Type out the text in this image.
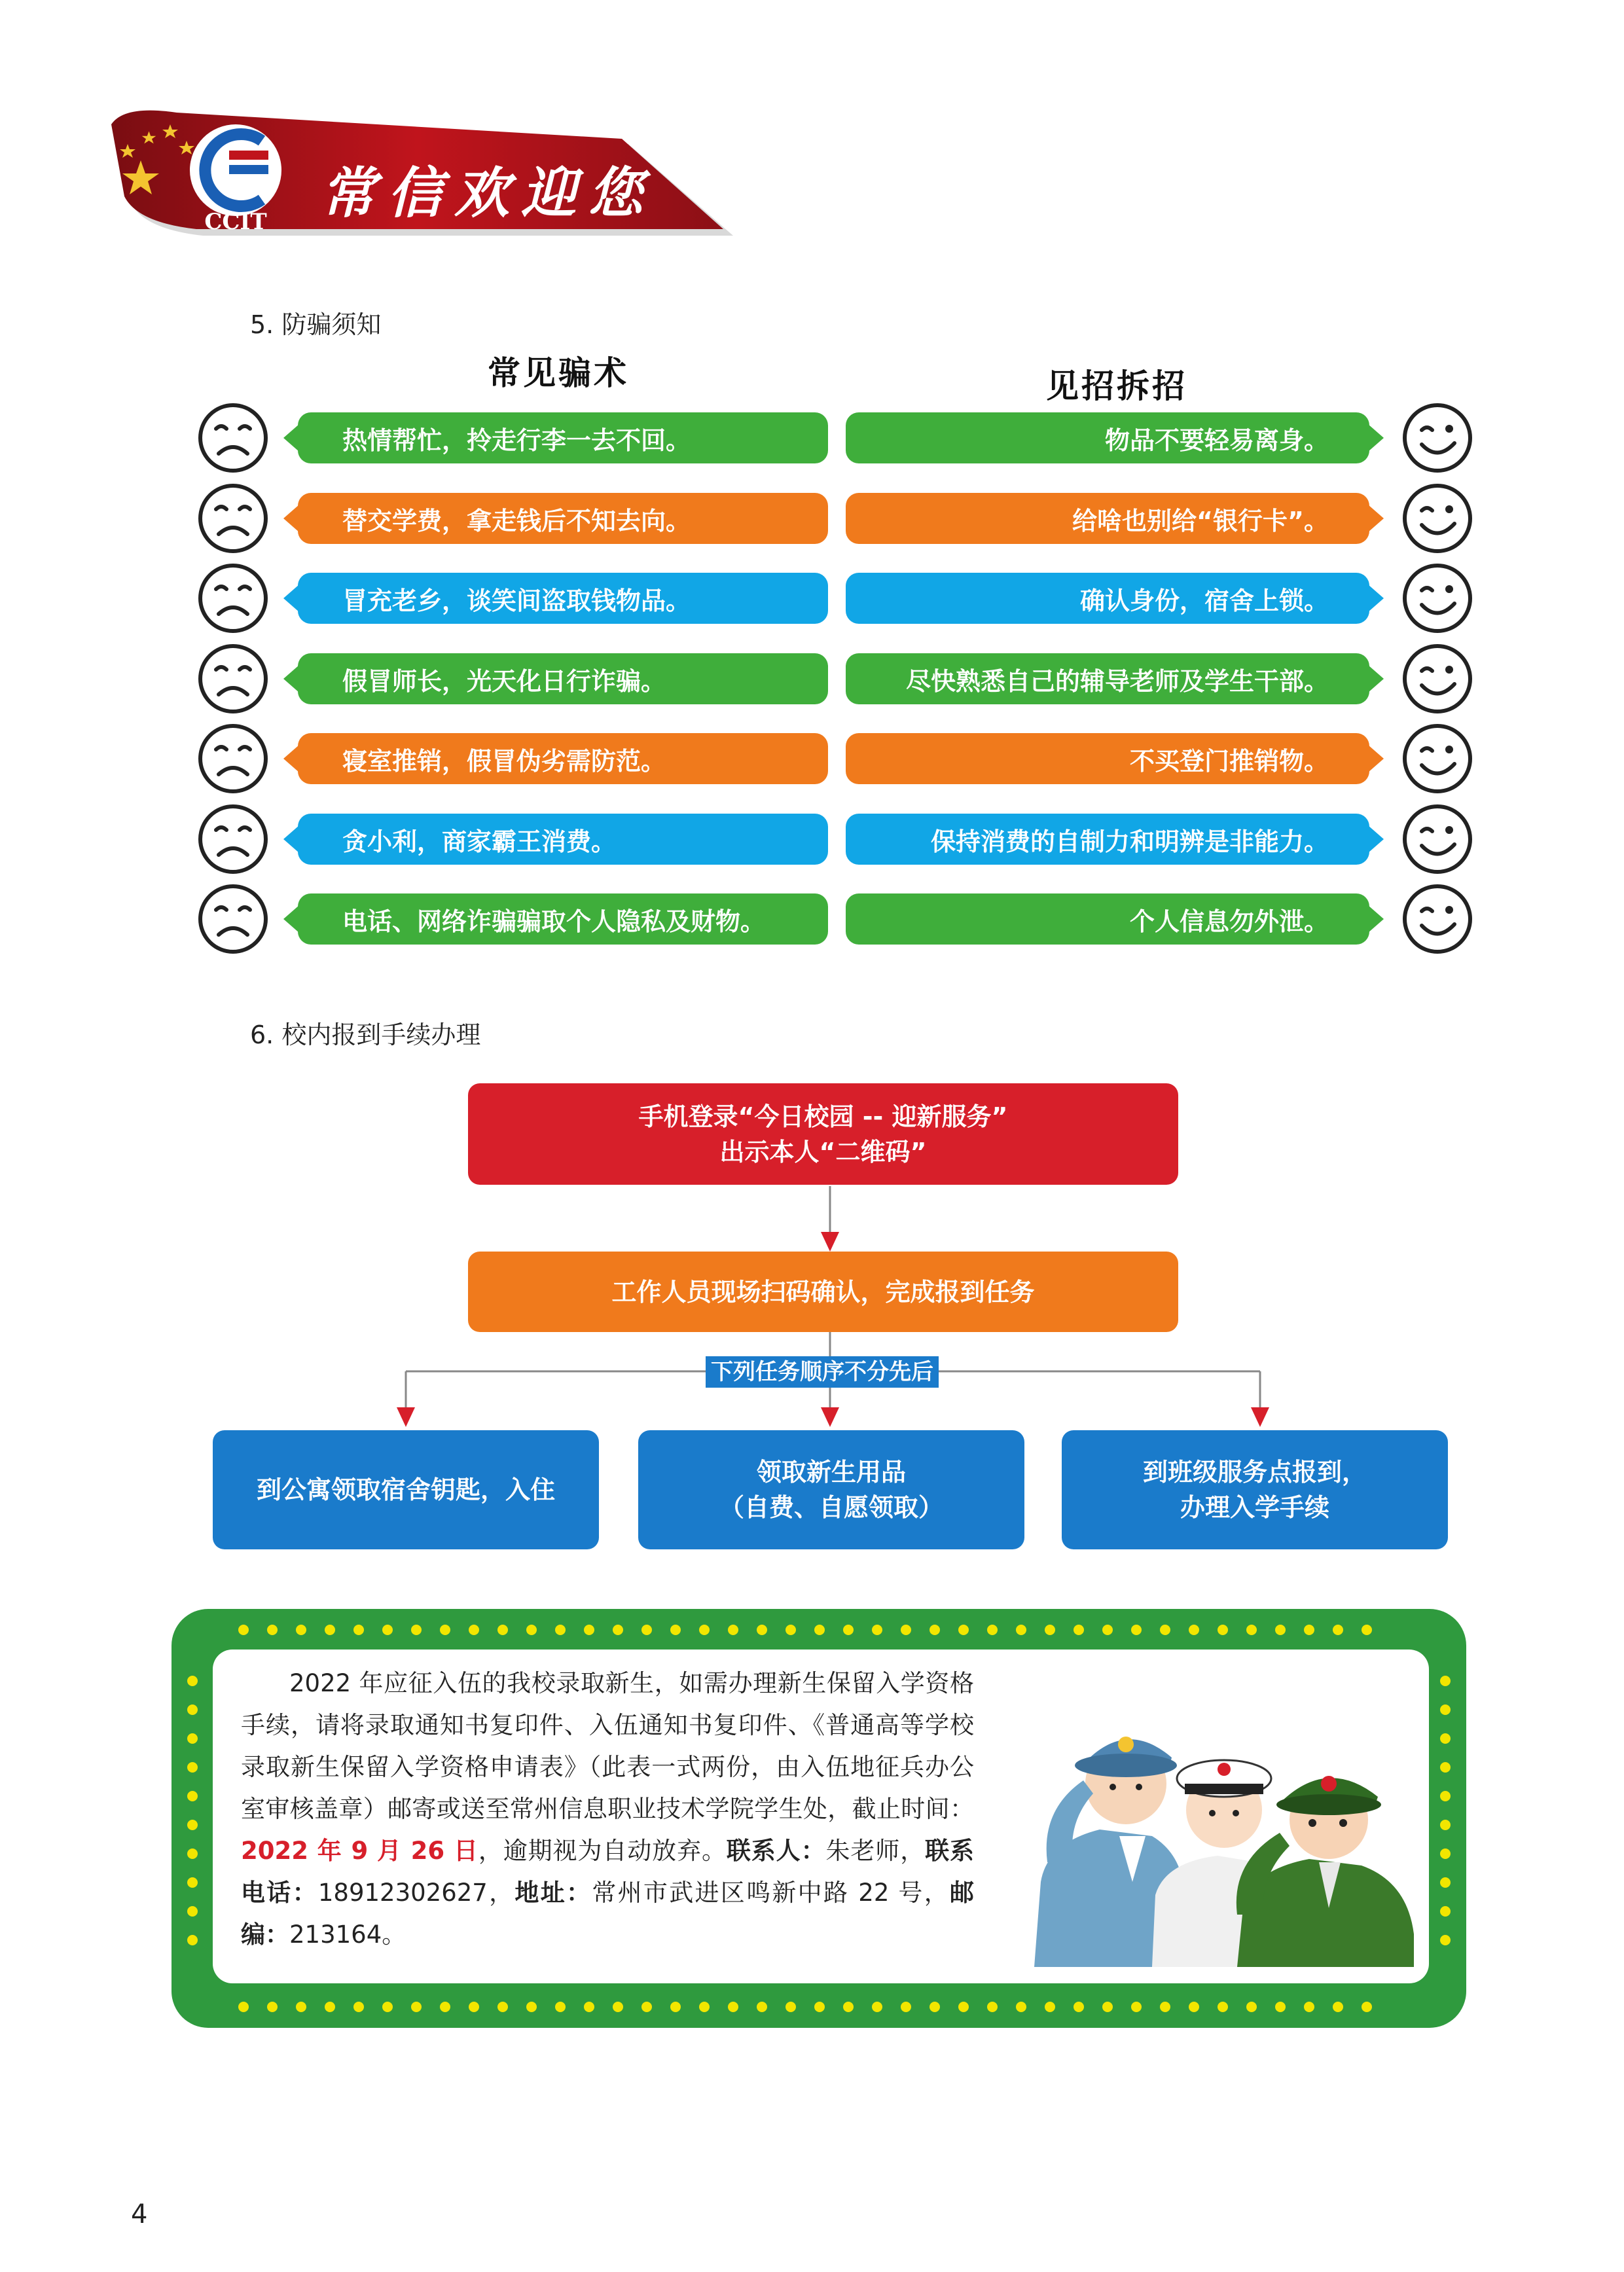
CCIT 常信欢迎您
5. 防骗须知
常见骗术	见招拆招
热情帮忙，拎走行李一去不回。	物品不要轻易离身。
替交学费，拿走钱后不知去向。	给啥也别给“银行卡”。
冒充老乡，谈笑间盗取钱物品。	确认身份，宿舍上锁。
假冒师长，光天化日行诈骗。	尽快熟悉自己的辅导老师及学生干部。
寝室推销，假冒伪劣需防范。	不买登门推销物。
贪小利，商家霸王消费。	保持消费的自制力和明辨是非能力。
电话、网络诈骗骗取个人隐私及财物。	个人信息勿外泄。
6. 校内报到手续办理
手机登录“今日校园 -- 迎新服务”
出示本人“二维码”
工作人员现场扫码确认，完成报到任务
下列任务顺序不分先后
到公寓领取宿舍钥匙，入住
领取新生用品
（自费、自愿领取）
到班级服务点报到，
办理入学手续
2022 年应征入伍的我校录取新生，如需办理新生保留入学资格手续，请将录取通知书复印件、入伍通知书复印件、《普通高等学校录取新生保留入学资格申请表》（此表一式两份，由入伍地征兵办公室审核盖章）邮寄或送至常州信息职业技术学院学生处，截止时间：2022 年 9 月 26 日，逾期视为自动放弃。联系人：朱老师，联系电话：18912302627，地址：常州市武进区鸣新中路 22 号，邮编：213164。
4
